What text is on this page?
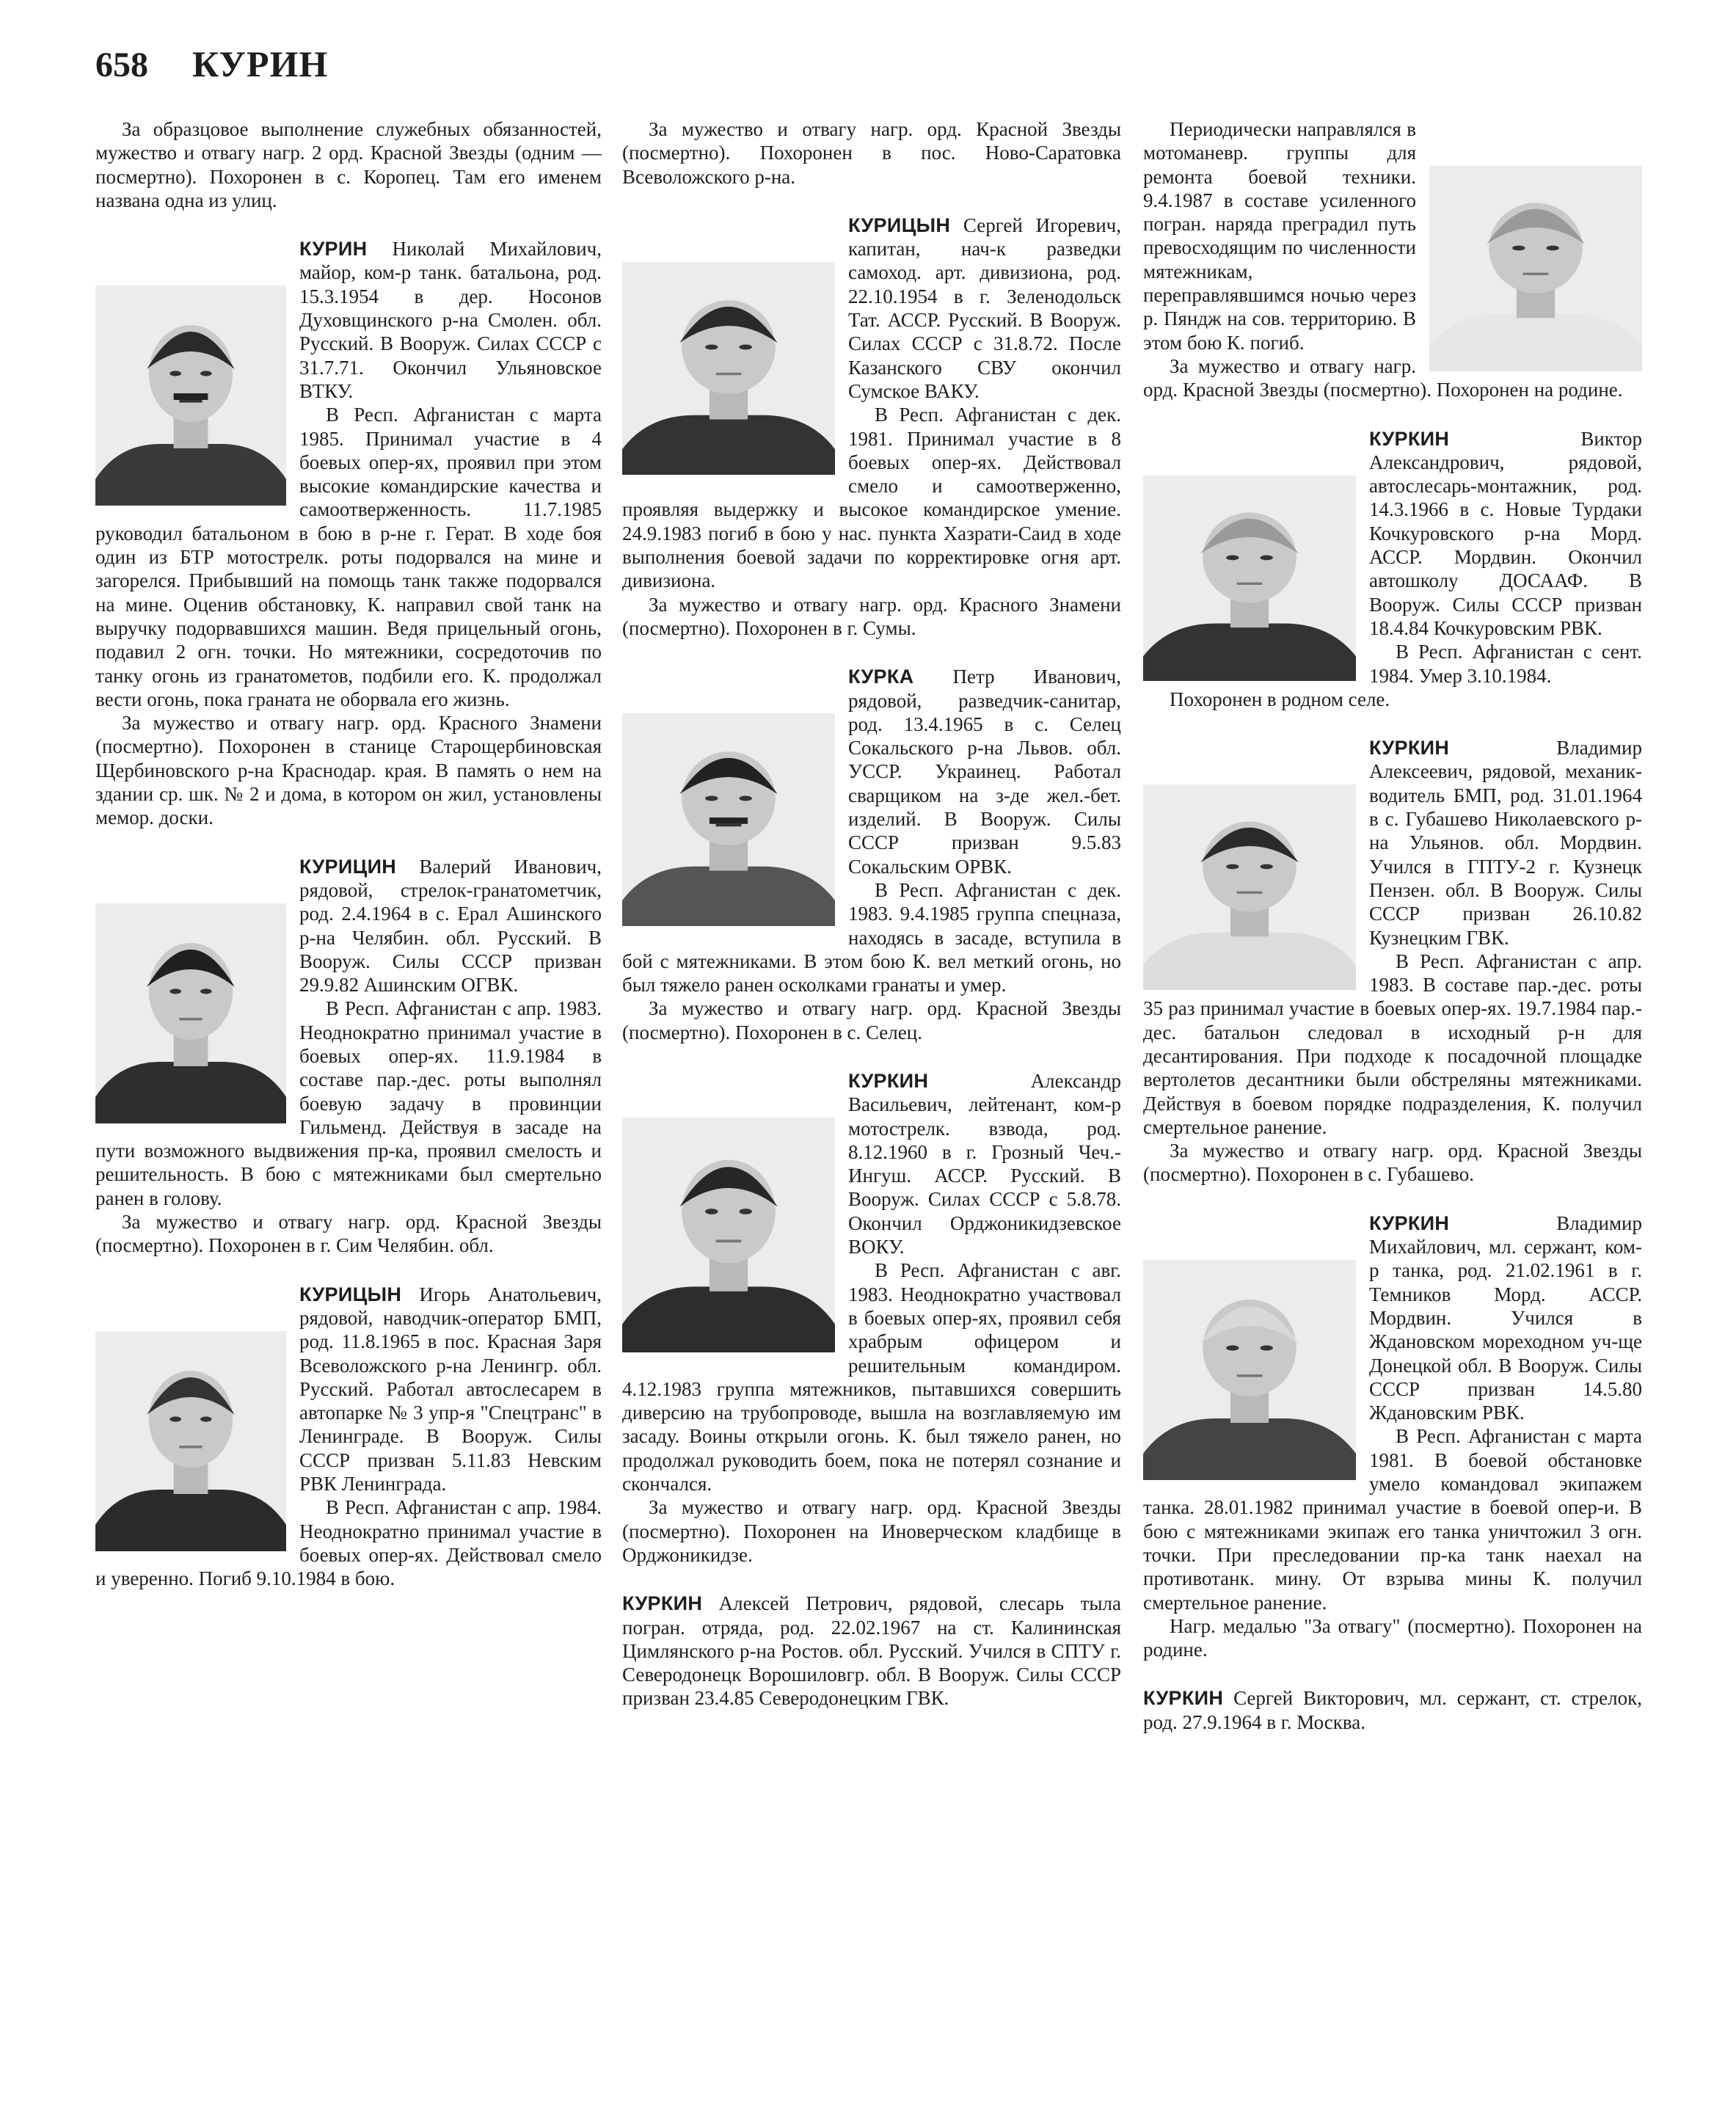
658 КУРИН

За образцовое выполнение служебных обязанностей, мужество и отвагу нагр. 2 орд. Красной Звезды (одним — посмертно). Похоронен в с. Коропец. Там его именем названа одна из улиц.

КУРИН Николай Михайлович, майор, ком-р танк. батальона, род. 15.3.1954 в дер. Носонов Духовщинского р-на Смолен. обл. Русский. В Вооруж. Силах СССР с 31.7.71. Окончил Ульяновское ВТКУ.

В Респ. Афганистан с марта 1985. Принимал участие в 4 боевых опер-ях, проявил при этом высокие командирские качества и самоотверженность. 11.7.1985 руководил батальоном в бою в р-не г. Герат. В ходе боя один из БТР мотострелк. роты подорвался на мине и загорелся. Прибывший на помощь танк также подорвался на мине. Оценив обстановку, К. направил свой танк на выручку подорвавшихся машин. Ведя прицельный огонь, подавил 2 огн. точки. Но мятежники, сосредоточив по танку огонь из гранатометов, подбили его. К. продолжал вести огонь, пока граната не оборвала его жизнь.

За мужество и отвагу нагр. орд. Красного Знамени (посмертно). Похоронен в станице Старощербиновская Щербиновского р-на Краснодар. края. В память о нем на здании ср. шк. № 2 и дома, в котором он жил, установлены мемор. доски.

КУРИЦИН Валерий Иванович, рядовой, стрелок-гранатометчик, род. 2.4.1964 в с. Ерал Ашинского р-на Челябин. обл. Русский. В Вооруж. Силы СССР призван 29.9.82 Ашинским ОГВК.

В Респ. Афганистан с апр. 1983. Неоднократно принимал участие в боевых опер-ях. 11.9.1984 в составе пар.-дес. роты выполнял боевую задачу в провинции Гильменд. Действуя в засаде на пути возможного выдвижения пр-ка, проявил смелость и решительность. В бою с мятежниками был смертельно ранен в голову.

За мужество и отвагу нагр. орд. Красной Звезды (посмертно). Похоронен в г. Сим Челябин. обл.

КУРИЦЫН Игорь Анатольевич, рядовой, наводчик-оператор БМП, род. 11.8.1965 в пос. Красная Заря Всеволожского р-на Ленингр. обл. Русский. Работал автослесарем в автопарке № 3 упр-я "Спецтранс" в Ленинграде. В Вооруж. Силы СССР призван 5.11.83 Невским РВК Ленинграда.

В Респ. Афганистан с апр. 1984. Неоднократно принимал участие в боевых опер-ях. Действовал смело и уверенно. Погиб 9.10.1984 в бою.

За мужество и отвагу нагр. орд. Красной Звезды (посмертно). Похоронен в пос. Ново-Саратовка Всеволожского р-на.

КУРИЦЫН Сергей Игоревич, капитан, нач-к разведки самоход. арт. дивизиона, род. 22.10.1954 в г. Зеленодольск Тат. АССР. Русский. В Вооруж. Силах СССР с 31.8.72. После Казанского СВУ окончил Сумское ВАКУ.

В Респ. Афганистан с дек. 1981. Принимал участие в 8 боевых опер-ях. Действовал смело и самоотверженно, проявляя выдержку и высокое командирское умение. 24.9.1983 погиб в бою у нас. пункта Хазрати-Саид в ходе выполнения боевой задачи по корректировке огня арт. дивизиона.

За мужество и отвагу нагр. орд. Красного Знамени (посмертно). Похоронен в г. Сумы.

КУРКА Петр Иванович, рядовой, разведчик-санитар, род. 13.4.1965 в с. Селец Сокальского р-на Львов. обл. УССР. Украинец. Работал сварщиком на з-де жел.-бет. изделий. В Вооруж. Силы СССР призван 9.5.83 Сокальским ОРВК.

В Респ. Афганистан с дек. 1983. 9.4.1985 группа спецназа, находясь в засаде, вступила в бой с мятежниками. В этом бою К. вел меткий огонь, но был тяжело ранен осколками гранаты и умер.

За мужество и отвагу нагр. орд. Красной Звезды (посмертно). Похоронен в с. Селец.

КУРКИН	Александр Васильевич, лейтенант, ком-р мотострелк. взвода, род. 8.12.1960 в г. Грозный Чеч.-Ингуш. АССР. Русский. В Вооруж. Силах СССР с 5.8.78. Окончил Орджоникидзевское ВОКУ.

В Респ. Афганистан с авг. 1983. Неоднократно участвовал в боевых опер-ях, проявил себя храбрым офицером и решительным командиром. 4.12.1983 группа мятежников, пытавшихся совершить диверсию на трубопроводе, вышла на возглавляемую им засаду. Воины открыли огонь. К. был тяжело ранен, но продолжал руководить боем, пока не потерял сознание и скончался.

За мужество и отвагу нагр. орд. Красной Звезды (посмертно). Похоронен на Иноверческом кладбище в Орджоникидзе.

КУРКИН Алексей Петрович, рядовой, слесарь тыла погран. отряда, род. 22.02.1967 на ст. Калининская Цимлянского р-на Ростов. обл. Русский. Учился в СПТУ г. Северодонецк Ворошиловгр. обл. В Вооруж. Силы СССР призван 23.4.85 Северодонецким ГВК.

Периодически направлялся в мотоманевр. группы для ремонта боевой техники. 9.4.1987 в составе усиленного погран. наряда преградил путь превосходящим по численности мятежникам, переправлявшимся ночью через р. Пяндж на сов. территорию. В этом бою К. погиб.

За мужество и отвагу нагр. орд. Красной Звезды (посмертно). Похоронен на родине.

КУРКИН	Виктор Александрович, рядовой, автослесарь-монтажник, род. 14.3.1966 в с. Новые Турдаки Кочкуровского р-на Морд. АССР. Мордвин. Окончил автошколу ДОСААФ. В Вооруж. Силы СССР призван 18.4.84 Кочкуровским РВК.

В Респ. Афганистан с сент. 1984. Умер 3.10.1984.

Похоронен в родном селе.

КУРКИН	Владимир Алексеевич, рядовой, механик-водитель БМП, род. 31.01.1964 в с. Губашево Николаевского р-на Ульянов. обл. Мордвин. Учился в ГПТУ-2 г. Кузнецк Пензен. обл. В Вооруж. Силы СССР призван 26.10.82 Кузнецким ГВК.

В Респ. Афганистан с апр. 1983. В составе пар.-дес. роты 35 раз принимал участие в боевых опер-ях. 19.7.1984 пар.-дес. батальон следовал в исходный р-н для десантирования. При подходе к посадочной площадке вертолетов десантники были обстреляны мятежниками. Действуя в боевом порядке подразделения, К. получил смертельное ранение.

За мужество и отвагу нагр. орд. Красной Звезды (посмертно). Похоронен в с. Губашево.

КУРКИН	Владимир Михайлович, мл. сержант, ком-р танка, род. 21.02.1961 в г. Темников Морд. АССР. Мордвин. Учился в Ждановском мореходном уч-ще Донецкой обл. В Вооруж. Силы СССР призван 14.5.80 Ждановским РВК.

В Респ. Афганистан с марта 1981. В боевой обстановке умело командовал экипажем танка. 28.01.1982 принимал участие в боевой опер-и. В бою с мятежниками экипаж его танка уничтожил 3 огн. точки. При преследовании пр-ка танк наехал на противотанк. мину. От взрыва мины К. получил смертельное ранение.

Нагр. медалью "За отвагу" (посмертно). Похоронен на родине.

КУРКИН Сергей Викторович, мл. сержант, ст. стрелок, род. 27.9.1964 в г. Москва.
